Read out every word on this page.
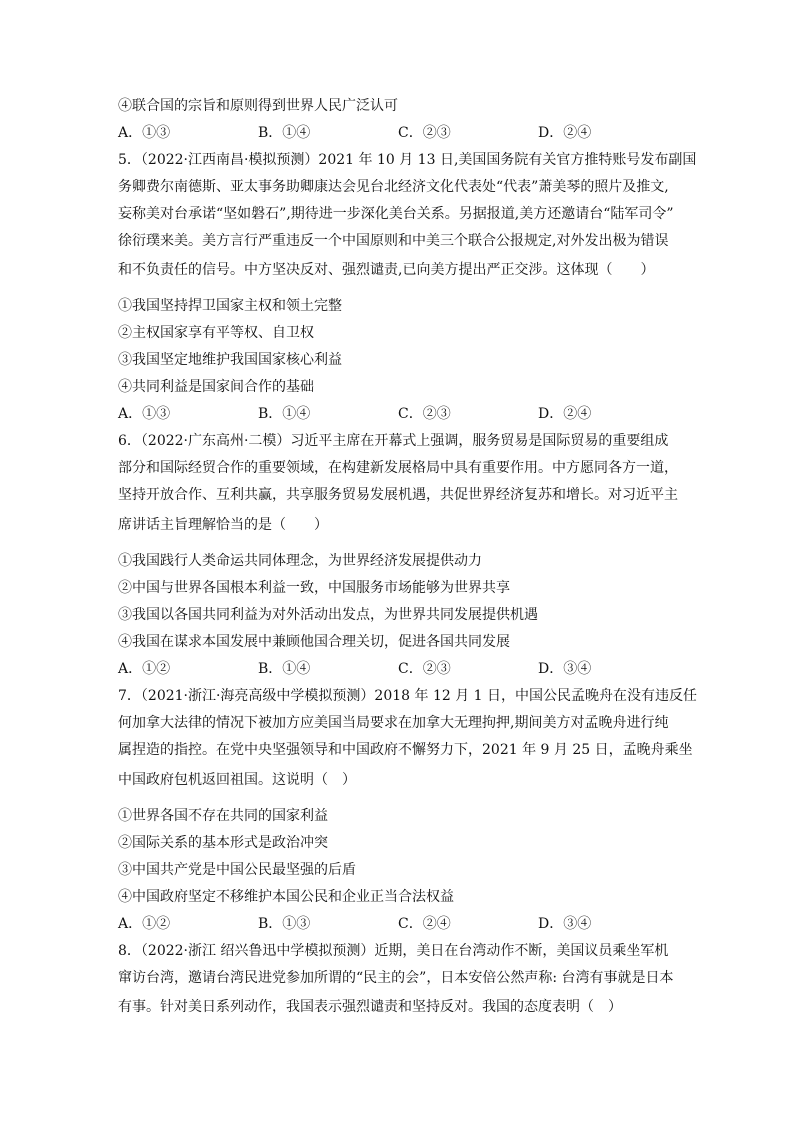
④联合国的宗旨和原则得到世界人民广泛认可
A．①③	B．①④	C．②③	D．②④
5．（2022·江西南昌·模拟预测）2021 年 10 月 13 日,美国国务院有关官方推特账号发布副国
务卿费尔南德斯、亚太事务助卿康达会见台北经济文化代表处“代表”萧美琴的照片及推文,
妄称美对台承诺“坚如磐石”,期待进一步深化美台关系。另据报道,美方还邀请台“陆军司令”
徐衍璞来美。美方言行严重违反一个中国原则和中美三个联合公报规定,对外发出极为错误
和不负责任的信号。中方坚决反对、强烈谴责,已向美方提出严正交涉。这体现（　　）
①我国坚持捍卫国家主权和领土完整
②主权国家享有平等权、自卫权
③我国坚定地维护我国国家核心利益
④共同利益是国家间合作的基础
A．①③	B．①④	C．②③	D．②④
6．（2022·广东高州·二模）习近平主席在开幕式上强调，服务贸易是国际贸易的重要组成
部分和国际经贸合作的重要领域，在构建新发展格局中具有重要作用。中方愿同各方一道，
坚持开放合作、互利共赢，共享服务贸易发展机遇，共促世界经济复苏和增长。对习近平主
席讲话主旨理解恰当的是（　　）
①我国践行人类命运共同体理念，为世界经济发展提供动力
②中国与世界各国根本利益一致，中国服务市场能够为世界共享
③我国以各国共同利益为对外活动出发点，为世界共同发展提供机遇
④我国在谋求本国发展中兼顾他国合理关切，促进各国共同发展
A．①②	B．①④	C．②③	D．③④
7．（2021·浙江·海亮高级中学模拟预测）2018 年 12 月 1 日，中国公民孟晚舟在没有违反任
何加拿大法律的情况下被加方应美国当局要求在加拿大无理拘押,期间美方对孟晚舟进行纯
属捏造的指控。在党中央坚强领导和中国政府不懈努力下，2021 年 9 月 25 日，孟晚舟乘坐
中国政府包机返回祖国。这说明（　）
①世界各国不存在共同的国家利益
②国际关系的基本形式是政治冲突
③中国共产党是中国公民最坚强的后盾
④中国政府坚定不移维护本国公民和企业正当合法权益
A．①②	B．①③	C．②④	D．③④
8．（2022·浙江 绍兴鲁迅中学模拟预测）近期，美日在台湾动作不断，美国议员乘坐军机
窜访台湾，邀请台湾民进党参加所谓的“民主的会”，日本安倍公然声称: 台湾有事就是日本
有事。针对美日系列动作，我国表示强烈谴责和坚持反对。我国的态度表明（　）
